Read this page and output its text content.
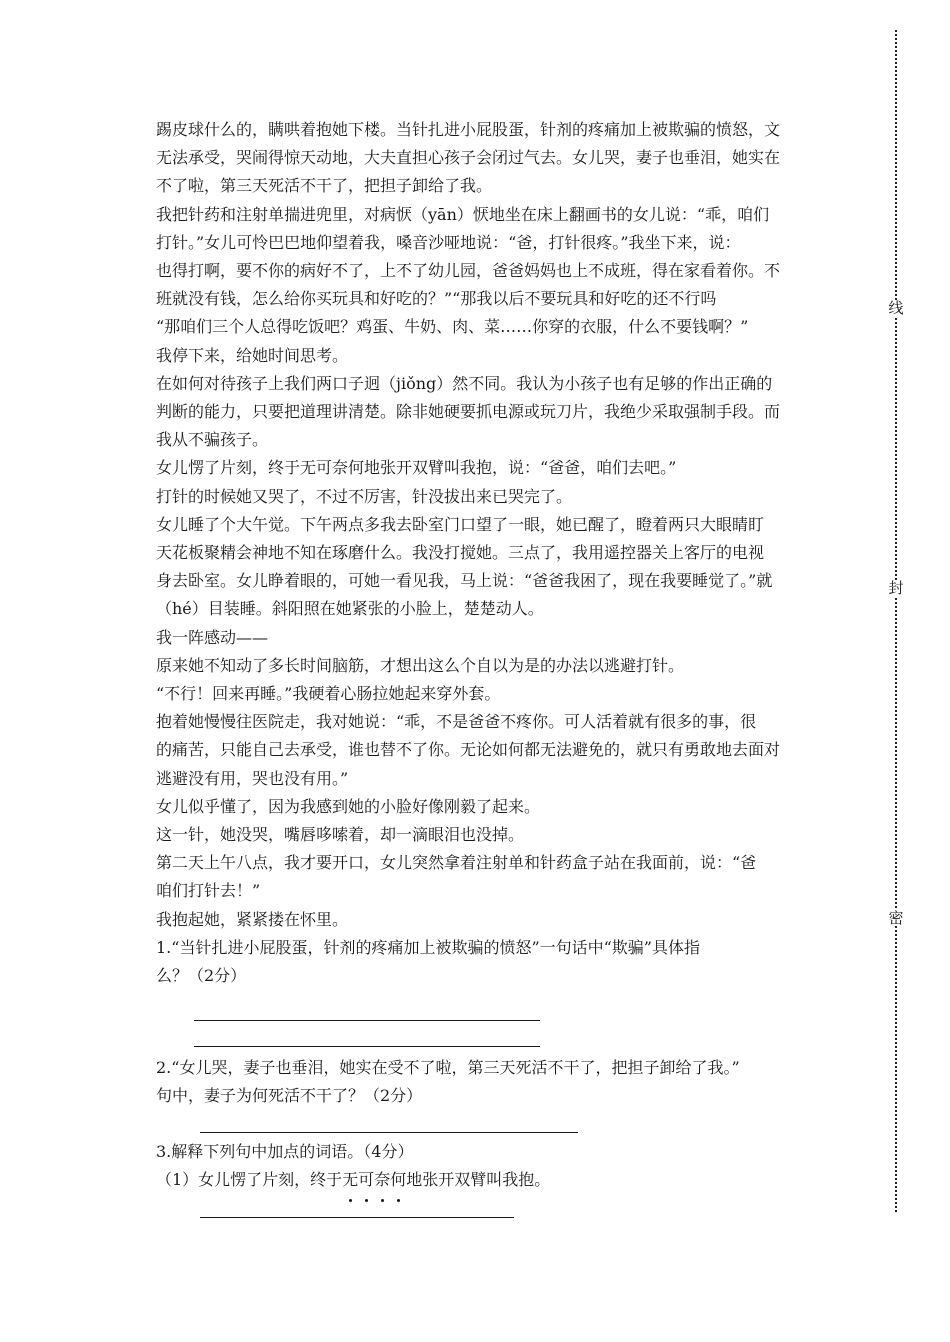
踢皮球什么的，瞒哄着抱她下楼。当针扎进小屁股蛋，针剂的疼痛加上被欺骗的愤怒，文
无法承受，哭闹得惊天动地，大夫直担心孩子会闭过气去。女儿哭，妻子也垂泪，她实在
不了啦，第三天死活不干了，把担子卸给了我。
我把针药和注射单揣进兜里，对病恹（yān）恹地坐在床上翻画书的女儿说：“乖，咱们
打针。”女儿可怜巴巴地仰望着我，嗓音沙哑地说：“爸，打针很疼。”我坐下来，说：
也得打啊，要不你的病好不了，上不了幼儿园，爸爸妈妈也上不成班，得在家看着你。不
班就没有钱，怎么给你买玩具和好吃的？”“那我以后不要玩具和好吃的还不行吗
“那咱们三个人总得吃饭吧？鸡蛋、牛奶、肉、菜……你穿的衣服，什么不要钱啊？”
我停下来，给她时间思考。
在如何对待孩子上我们两口子迥（jiǒng）然不同。我认为小孩子也有足够的作出正确的
判断的能力，只要把道理讲清楚。除非她硬要抓电源或玩刀片，我绝少采取强制手段。而
我从不骗孩子。
女儿愣了片刻，终于无可奈何地张开双臂叫我抱，说：“爸爸，咱们去吧。”
打针的时候她又哭了，不过不厉害，针没拔出来已哭完了。
女儿睡了个大午觉。下午两点多我去卧室门口望了一眼，她已醒了，瞪着两只大眼睛盯
天花板聚精会神地不知在琢磨什么。我没打搅她。三点了，我用遥控器关上客厅的电视
身去卧室。女儿睁着眼的，可她一看见我，马上说：“爸爸我困了，现在我要睡觉了。”就
（hé）目装睡。斜阳照在她紧张的小脸上，楚楚动人。
我一阵感动——
原来她不知动了多长时间脑筋，才想出这么个自以为是的办法以逃避打针。
“不行！回来再睡。”我硬着心肠拉她起来穿外套。
抱着她慢慢往医院走，我对她说：“乖，不是爸爸不疼你。可人活着就有很多的事，很
的痛苦，只能自己去承受，谁也替不了你。无论如何都无法避免的，就只有勇敢地去面对
逃避没有用，哭也没有用。”
女儿似乎懂了，因为我感到她的小脸好像刚毅了起来。
这一针，她没哭，嘴唇哆嗦着，却一滴眼泪也没掉。
第二天上午八点，我才要开口，女儿突然拿着注射单和针药盒子站在我面前，说：“爸
咱们打针去！”
我抱起她，紧紧搂在怀里。
1.“当针扎进小屁股蛋，针剂的疼痛加上被欺骗的愤怒”一句话中“欺骗”具体指
么？（2分）
2.“女儿哭，妻子也垂泪，她实在受不了啦，第三天死活不干了，把担子卸给了我。”
句中，妻子为何死活不干了？（2分）
3.解释下列句中加点的词语。（4分）
（1）女儿愣了片刻，终于无可奈何地张开双臂叫我抱。
线
封
密
